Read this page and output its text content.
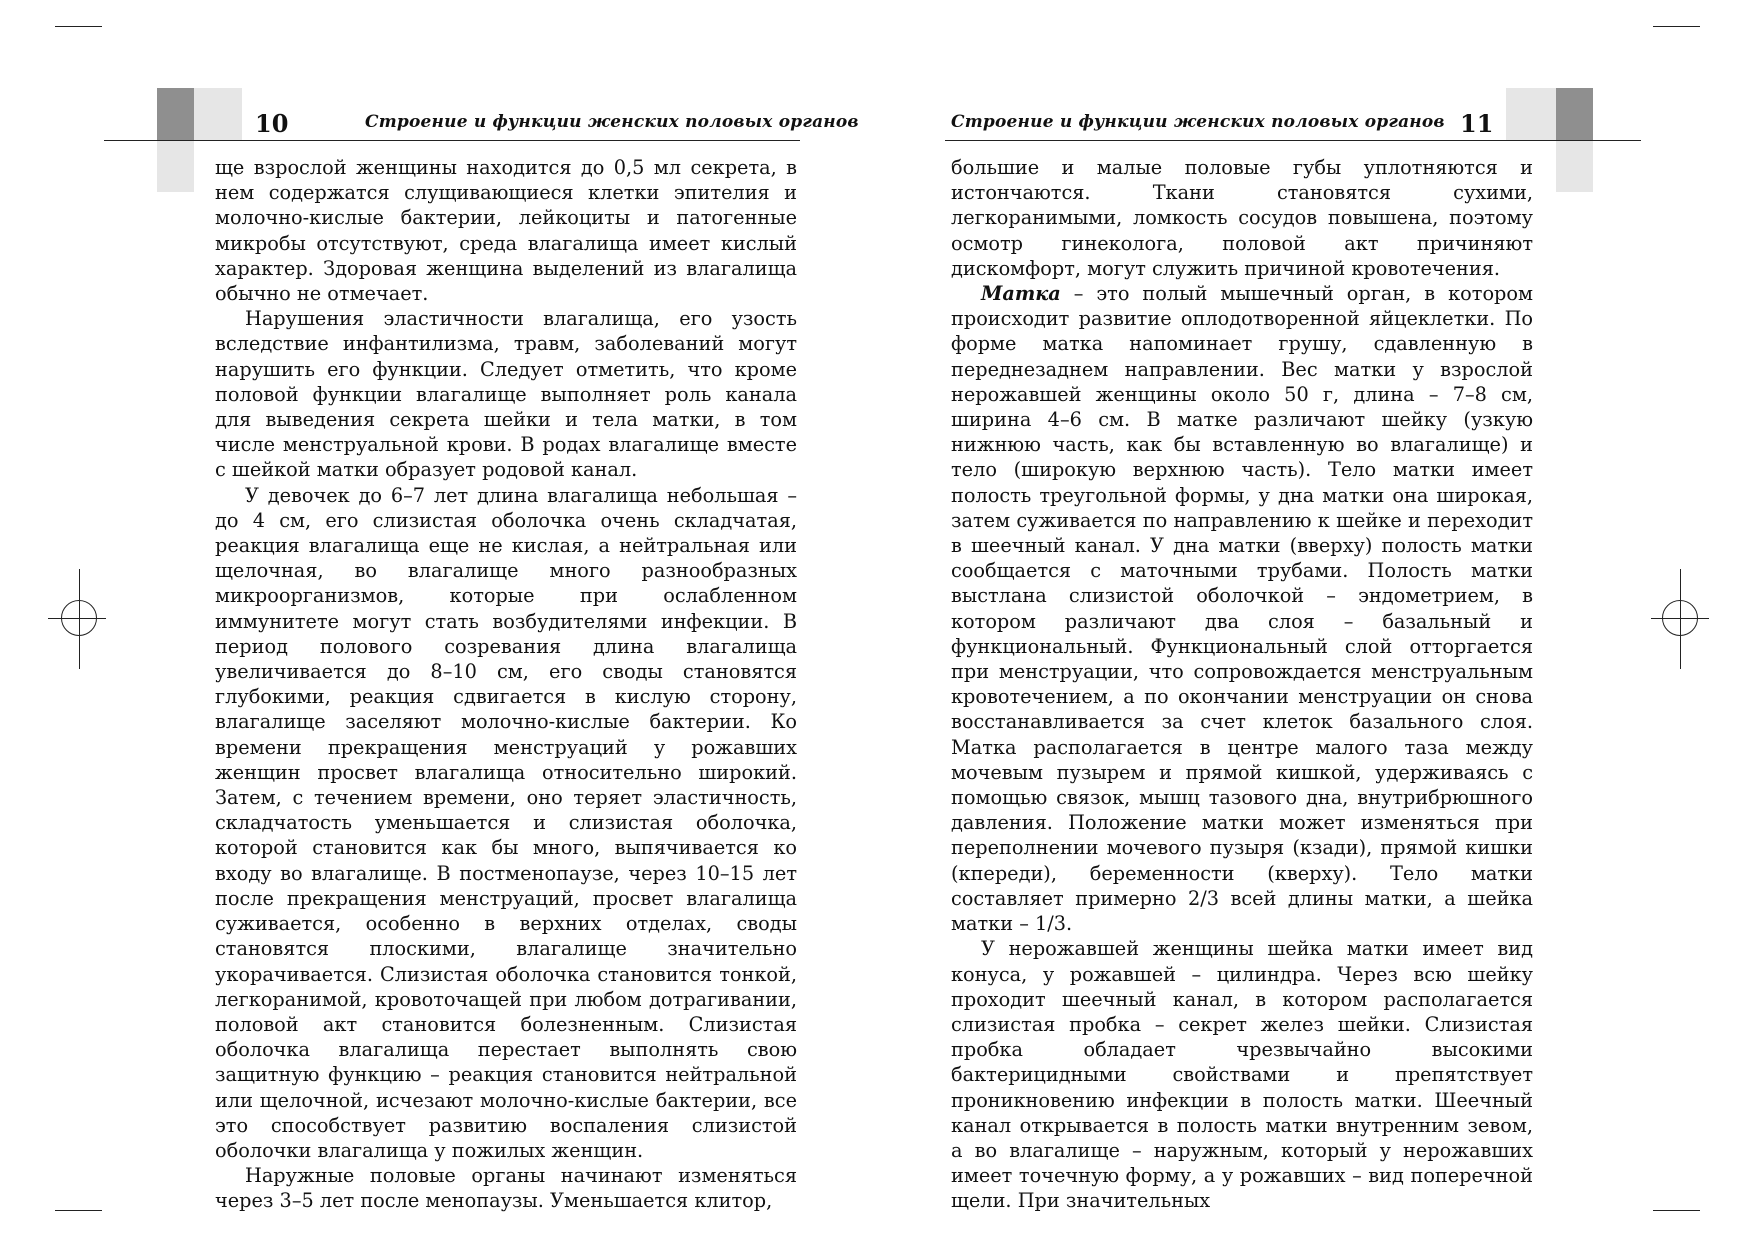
10	Строение и функции женских половых органов	Строение и функции женских половых органов 11

ще взрослой женщины находится до 0,5 мл секрета, в нем содержатся слущивающиеся клетки эпителия и молочно-кислые бактерии, лейкоциты и патогенные микробы отсутствуют, среда влагалища имеет кислый характер. Здоровая женщина выделений из влагалища обычно не отмечает.

Нарушения эластичности влагалища, его узость вследствие инфантилизма, травм, заболеваний могут нарушить его функции. Следует отметить, что кроме половой функции влагалище выполняет роль канала для выведения секрета шейки и тела матки, в том числе менструальной крови. В родах влагалище вместе с шейкой матки образует родовой канал.

У девочек до 6–7 лет длина влагалища небольшая – до 4 см, его слизистая оболочка очень складчатая, реакция влагалища еще не кислая, а нейтральная или щелочная, во влагалище много разнообразных микроорганизмов, которые при ослабленном иммунитете могут стать возбудителями инфекции. В период полового созревания длина влагалища увеличивается до 8–10 см, его своды становятся глубокими, реакция сдвигается в кислую сторону, влагалище заселяют молочно-кислые бактерии. Ко времени прекращения менструаций у рожавших женщин просвет влагалища относительно широкий. Затем, с течением времени, оно теряет эластичность, складчатость уменьшается и слизистая оболочка, которой становится как бы много, выпячивается ко входу во влагалище. В постменопаузе, через 10–15 лет после прекращения менструаций, просвет влагалища суживается, особенно в верхних отделах, своды становятся плоскими, влагалище значительно укорачивается. Слизистая оболочка становится тонкой, легкоранимой, кровоточащей при любом дотрагивании, половой акт становится болезненным. Слизистая оболочка влагалища перестает выполнять свою защитную функцию – реакция становится нейтральной или щелочной, исчезают молочно-кислые бактерии, все это способствует развитию воспаления слизистой оболочки влагалища у пожилых женщин.

Наружные половые органы начинают изменяться через 3–5 лет после менопаузы. Уменьшается клитор,

большие и малые половые губы уплотняются и истончаются. Ткани становятся сухими, легкоранимыми, ломкость сосудов повышена, поэтому осмотр гинеколога, половой акт причиняют дискомфорт, могут служить причиной кровотечения.

Матка – это полый мышечный орган, в котором происходит развитие оплодотворенной яйцеклетки. По форме матка напоминает грушу, сдавленную в переднезаднем направлении. Вес матки у взрослой нерожавшей женщины около 50 г, длина – 7–8 см, ширина 4–6 см. В матке различают шейку (узкую нижнюю часть, как бы вставленную во влагалище) и тело (широкую верхнюю часть). Тело матки имеет полость треугольной формы, у дна матки она широкая, затем суживается по направлению к шейке и переходит в шеечный канал. У дна матки (вверху) полость матки сообщается с маточными трубами. Полость матки выстлана слизистой оболочкой – эндометрием, в котором различают два слоя – базальный и функциональный. Функциональный слой отторгается при менструации, что сопровождается менструальным кровотечением, а по окончании менструации он снова восстанавливается за счет клеток базального слоя. Матка располагается в центре малого таза между мочевым пузырем и прямой кишкой, удерживаясь с помощью связок, мышц тазового дна, внутрибрюшного давления. Положение матки может изменяться при переполнении мочевого пузыря (кзади), прямой кишки (кпереди), беременности (кверху). Тело матки составляет примерно 2/3 всей длины матки, а шейка матки – 1/3.

У нерожавшей женщины шейка матки имеет вид конуса, у рожавшей – цилиндра. Через всю шейку проходит шеечный канал, в котором располагается слизистая пробка – секрет желез шейки. Слизистая пробка обладает чрезвычайно высокими бактерицидными свойствами и препятствует проникновению инфекции в полость матки. Шеечный канал открывается в полость матки внутренним зевом, а во влагалище – наружным, который у нерожавших имеет точечную форму, а у рожавших – вид поперечной щели. При значительных
